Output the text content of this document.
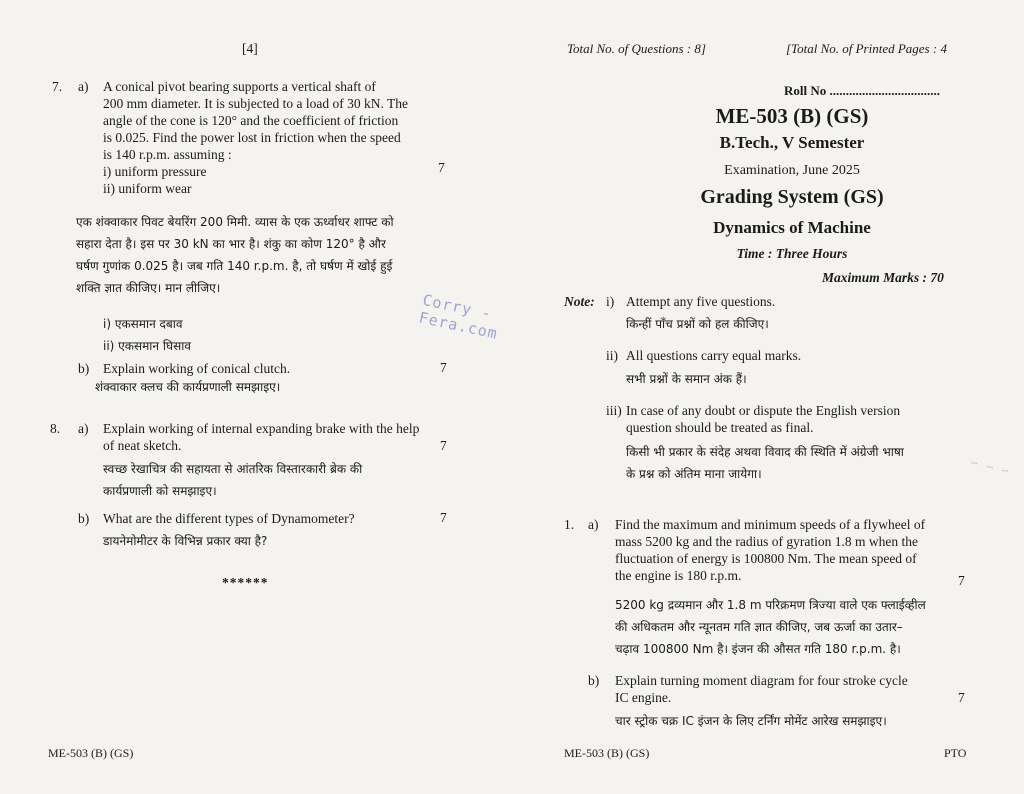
[4]
7. a) A conical pivot bearing supports a vertical shaft of
200 mm diameter. It is subjected to a load of 30 kN. The
angle of the cone is 120° and the coefficient of friction
is 0.025. Find the power lost in friction when the speed
is 140 r.p.m. assuming :
i) uniform pressure
ii) uniform wear
7
एक शंक्वाकार पिवट बेयरिंग 200 मिमी. व्यास के एक ऊर्ध्वाधर शाफ्ट को
सहारा देता है। इस पर 30 kN का भार है। शंकु का कोण 120° है और
घर्षण गुणांक 0.025 है। जब गति 140 r.p.m. है, तो घर्षण में खोई हुई
शक्ति ज्ञात कीजिए। मान लीजिए।
i) एकसमान दबाव
ii) एकसमान घिसाव
b) Explain working of conical clutch.	7
शंक्वाकार क्लच की कार्यप्रणाली समझाइए।
8. a) Explain working of internal expanding brake with the help
of neat sketch.	7
स्वच्छ रेखाचित्र की सहायता से आंतरिक विस्तारकारी ब्रेक की
कार्यप्रणाली को समझाइए।
b) What are the different types of Dynamometer?	7
डायनेमोमीटर के विभिन्न प्रकार क्या है?
******
ME-503 (B) (GS)
Corry -Fera.com
Total No. of Questions : 8]	[Total No. of Printed Pages : 4
Roll No ..................................
ME-503 (B) (GS)
B.Tech., V Semester
Examination, June 2025
Grading System (GS)
Dynamics of Machine
Time : Three Hours
Maximum Marks : 70
Note: i) Attempt any five questions.
किन्हीं पाँच प्रश्नों को हल कीजिए।
ii) All questions carry equal marks.
सभी प्रश्नों के समान अंक हैं।
iii) In case of any doubt or dispute the English version
question should be treated as final.
किसी भी प्रकार के संदेह अथवा विवाद की स्थिति में अंग्रेजी भाषा
के प्रश्न को अंतिम माना जायेगा।
1. a) Find the maximum and minimum speeds of a flywheel of
mass 5200 kg and the radius of gyration 1.8 m when the
fluctuation of energy is 100800 Nm. The mean speed of
the engine is 180 r.p.m.	7
5200 kg द्रव्यमान और 1.8 m परिक्रमण त्रिज्या वाले एक फ्लाईव्हील
की अधिकतम और न्यूनतम गति ज्ञात कीजिए, जब ऊर्जा का उतार–
चढ़ाव 100800 Nm है। इंजन की औसत गति 180 r.p.m. है।
b) Explain turning moment diagram for four stroke cycle
IC engine.	7
चार स्ट्रोक चक्र IC इंजन के लिए टर्निंग मोमेंट आरेख समझाइए।
ME-503 (B) (GS)	PTO
~ ~ ~
